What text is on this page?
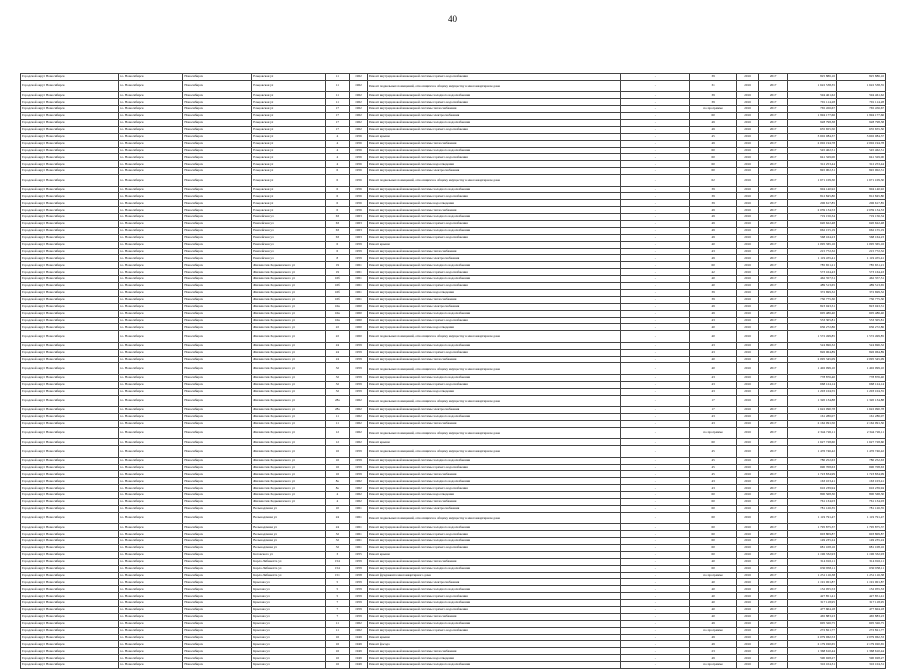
40
Городской округ Новосибирск	г.о. Новосибирск	Новосибирск	Ельцовская ул	11	1962	Ремонт внутридомовой инженерной системы горячего водоснабжения	-	39	2016	2017	825 886,16	825 886,16
Городской округ Новосибирск	г.о. Новосибирск	Новосибирск	Ельцовская ул	11	1962	Ремонт подвальных помещений, относящихся к общему имуществу в многоквартирном доме	-	31	2016	2017	1 622 538,35	1 622 538,35
Городской округ Новосибирск	г.о. Новосибирск	Новосибирск	Ельцовская ул	11	1962	Ремонт внутридомовой инженерной системы холодного водоснабжения	-	39	2016	2017	594 461,62	594 461,62
Городской округ Новосибирск	г.о. Новосибирск	Новосибирск	Ельцовская ул	11	1962	Ремонт внутридомовой инженерной системы горячего водоснабжения	-	39	2016	2017	791 114,28	791 114,28
Городской округ Новосибирск	г.о. Новосибирск	Новосибирск	Ельцовская ул	17	1962	Ремонт внутридомовой инженерной системы теплоснабжения	-	по программе	2016	2017	765 456,67	765 456,67
Городской округ Новосибирск	г.о. Новосибирск	Новосибирск	Ельцовская ул	17	1962	Ремонт внутридомовой инженерной системы электроснабжения	-	60	2016	2017	1 994 177,66	1 994 177,66
Городской округ Новосибирск	г.о. Новосибирск	Новосибирск	Ельцовская ул	17	1962	Ремонт внутридомовой инженерной системы холодного водоснабжения	-	49	2016	2017	928 798,38	928 798,38
Городской округ Новосибирск	г.о. Новосибирск	Новосибирск	Ельцовская ул	17	1962	Ремонт внутридомовой инженерной системы горячего водоснабжения	-	49	2016	2017	635 655,50	635 655,50
Городской округ Новосибирск	г.о. Новосибирск	Новосибирск	Ельцовская ул	4	1956	Ремонт крыши	-	45	2016	2017	3 602 084,37	3 602 084,37
Городской округ Новосибирск	г.о. Новосибирск	Новосибирск	Ельцовская ул	4	1956	Ремонт внутридомовой инженерной системы теплоснабжения	-	49	2016	2017	2 002 194,78	2 002 194,78
Городской округ Новосибирск	г.о. Новосибирск	Новосибирск	Ельцовская ул	4	1956	Ремонт внутридомовой инженерной системы холодного водоснабжения	-	60	2016	2017	545 462,51	545 462,51
Городской округ Новосибирск	г.о. Новосибирск	Новосибирск	Ельцовская ул	4	1956	Ремонт внутридомовой инженерной системы горячего водоснабжения	-	60	2016	2017	641 329,00	641 329,00
Городской округ Новосибирск	г.о. Новосибирск	Новосибирск	Ельцовская ул	4	1956	Ремонт внутридомовой инженерной системы водоотведения	-	60	2016	2017	312 253,44	312 253,44
Городской округ Новосибирск	г.о. Новосибирск	Новосибирск	Ельцовская ул	6	1956	Ремонт внутридомовой инженерной системы электроснабжения	-	60	2016	2017	845 002,31	845 002,31
Городской округ Новосибирск	г.о. Новосибирск	Новосибирск	Ельцовская ул	6	1956	Ремонт подвальных помещений, относящихся к общему имуществу в многоквартирном доме	-	62	2016	2017	1 671 109,30	1 671 109,30
Городской округ Новосибирск	г.о. Новосибирск	Новосибирск	Ельцовская ул	6	1956	Ремонт внутридомовой инженерной системы холодного водоснабжения	-	39	2016	2017	904 140,92	904 140,92
Городской округ Новосибирск	г.о. Новосибирск	Новосибирск	Ельцовская ул	6	1956	Ремонт внутридомовой инженерной системы горячего водоснабжения	-	39	2016	2017	812 845,80	812 845,80
Городской округ Новосибирск	г.о. Новосибирск	Новосибирск	Ельцовская ул	6	1956	Ремонт внутридомовой инженерной системы водоотведения	-	39	2016	2017	206 617,85	206 617,85
Городской округ Новосибирск	г.о. Новосибирск	Новосибирск	Ельцовская ул	6	1956	Ремонт внутридомовой инженерной системы теплоснабжения	-	49	2016	2017	2 039 134,53	2 039 134,53
Городской округ Новосибирск	г.о. Новосибирск	Новосибирск	Енисейская ул	63	1963	Ремонт внутридомовой инженерной системы холодного водоснабжения	-	49	2016	2017	719 156,34	719 156,34
Городской округ Новосибирск	г.о. Новосибирск	Новосибирск	Енисейская ул	63	1963	Ремонт внутридомовой инженерной системы горячего водоснабжения	-	49	2016	2017	620 622,48	620 622,48
Городской округ Новосибирск	г.о. Новосибирск	Новосибирск	Енисейская ул	63	1963	Ремонт внутридомовой инженерной системы холодного водоснабжения	-	49	2016	2017	662 155,19	662 155,19
Городской округ Новосибирск	г.о. Новосибирск	Новосибирск	Енисейская ул	63	1963	Ремонт внутридомовой инженерной системы горячего водоснабжения	-	49	2016	2017	568 164,23	568 164,23
Городской округ Новосибирск	г.о. Новосибирск	Новосибирск	Енисейская ул	6	1959	Ремонт крыши	-	40	2016	2017	1 095 365,16	1 095 365,16
Городской округ Новосибирск	г.о. Новосибирск	Новосибирск	Енисейская ул	6	1959	Ремонт внутридомовой инженерной системы теплоснабжения	-	43	2016	2017	215 772,32	215 772,32
Городской округ Новосибирск	г.о. Новосибирск	Новосибирск	Енисейская ул	8	1959	Ремонт внутридомовой инженерной системы электроснабжения	-	49	2016	2017	1 119 455,41	1 119 455,41
Городской округ Новосибирск	г.о. Новосибирск	Новосибирск	Жилмассив Ходкевичского ул	19	1961	Ремонт внутридомовой инженерной системы холодного водоснабжения	-	60	2016	2017	785 651,21	785 651,21
Городской округ Новосибирск	г.о. Новосибирск	Новосибирск	Жилмассив Ходкевичского ул	19	1961	Ремонт внутридомовой инженерной системы горячего водоснабжения	-	42	2016	2017	573 164,43	573 164,43
Городской округ Новосибирск	г.о. Новосибирск	Новосибирск	Жилмассив Ходкевичского ул	16б	1961	Ремонт внутридомовой инженерной системы холодного водоснабжения	-	40	2016	2017	462 357,51	462 357,51
Городской округ Новосибирск	г.о. Новосибирск	Новосибирск	Жилмассив Ходкевичского ул	16б	1961	Ремонт внутридомовой инженерной системы горячего водоснабжения	-	40	2016	2017	489 513,65	489 513,65
Городской округ Новосибирск	г.о. Новосибирск	Новосибирск	Жилмассив Ходкевичского ул	16б	1961	Ремонт внутридомовой инженерной системы водоотведения	-	39	2016	2017	372 699,32	372 699,32
Городской округ Новосибирск	г.о. Новосибирск	Новосибирск	Жилмассив Ходкевичского ул	16б	1961	Ремонт внутридомовой инженерной системы теплоснабжения	-	39	2016	2017	730 775,30	730 775,30
Городской округ Новосибирск	г.о. Новосибирск	Новосибирск	Жилмассив Ходкевичского ул	16в	1960	Ремонт внутридомовой инженерной системы электроснабжения	-	49	2016	2017	823 043,31	823 043,31
Городской округ Новосибирск	г.о. Новосибирск	Новосибирск	Жилмассив Ходкевичского ул	16в	1960	Ремонт внутридомовой инженерной системы холодного водоснабжения	-	49	2016	2017	605 486,40	605 486,40
Городской округ Новосибирск	г.о. Новосибирск	Новосибирск	Жилмассив Ходкевичского ул	16в	1960	Ремонт внутридомовой инженерной системы горячего водоснабжения	-	43	2016	2017	533 305,81	533 305,81
Городской округ Новосибирск	г.о. Новосибирск	Новосибирск	Жилмассив Ходкевичского ул	22	1960	Ремонт внутридомовой инженерной системы водоотведения	-	40	2016	2017	636 272,86	636 272,86
Городской округ Новосибирск	г.о. Новосибирск	Новосибирск	Жилмассив Ходкевичского ул	22	1960	Ремонт подвальных помещений, относящихся к общему имуществу в многоквартирном доме	-	40	2016	2017	1 572 499,85	1 572 499,85
Городской округ Новосибирск	г.о. Новосибирск	Новосибирск	Жилмассив Ходкевичского ул	24	1959	Ремонт внутридомовой инженерной системы холодного водоснабжения	-	43	2016	2017	524 696,32	524 696,32
Городской округ Новосибирск	г.о. Новосибирск	Новосибирск	Жилмассив Ходкевичского ул	24	1959	Ремонт внутридомовой инженерной системы горячего водоснабжения	-	43	2016	2017	826 064,89	826 064,89
Городской округ Новосибирск	г.о. Новосибирск	Новосибирск	Жилмассив Ходкевичского ул	24	1959	Ремонт внутридомовой инженерной системы теплоснабжения	-	40	2016	2017	2 095 345,09	2 095 345,09
Городской округ Новосибирск	г.о. Новосибирск	Новосибирск	Жилмассив Ходкевичского ул	32	1959	Ремонт подвальных помещений, относящихся к общему имуществу в многоквартирном доме	-	40	2016	2017	1 402 099,10	1 402 099,10
Городской округ Новосибирск	г.о. Новосибирск	Новосибирск	Жилмассив Ходкевичского ул	32	1959	Ремонт внутридомовой инженерной системы холодного водоснабжения	-	43	2016	2017	778 876,40	778 876,40
Городской округ Новосибирск	г.о. Новосибирск	Новосибирск	Жилмассив Ходкевичского ул	32	1959	Ремонт внутридомовой инженерной системы горячего водоснабжения	-	43	2016	2017	668 124,14	668 124,14
Городской округ Новосибирск	г.о. Новосибирск	Новосибирск	Жилмассив Ходкевичского ул	32	1959	Ремонт внутридомовой инженерной системы водоотведения	-	43	2016	2017	1 203 104,55	1 203 104,55
Городской округ Новосибирск	г.о. Новосибирск	Новосибирск	Жилмассив Ходкевичского ул	28а	1962	Ремонт подвальных помещений, относящихся к общему имуществу в многоквартирном доме	-	17	2016	2017	1 320 134,88	1 320 134,88
Городской округ Новосибирск	г.о. Новосибирск	Новосибирск	Жилмассив Ходкевичского ул	28а	1962	Ремонт внутридомовой инженерной системы электроснабжения	-	17	2016	2017	1 622 090,78	1 622 090,78
Городской округ Новосибирск	г.о. Новосибирск	Новосибирск	Жилмассив Ходкевичского ул	11	1962	Ремонт внутридомовой инженерной системы холодного водоснабжения	-	43	2016	2017	161 286,07	161 286,07
Городской округ Новосибирск	г.о. Новосибирск	Новосибирск	Жилмассив Ходкевичского ул	11	1962	Ремонт внутридомовой инженерной системы теплоснабжения	-	43	2016	2017	2 162 091,50	2 162 091,50
Городской округ Новосибирск	г.о. Новосибирск	Новосибирск	Жилмассив Ходкевичского ул	12	1962	Ремонт подвальных помещений, относящихся к общему имуществу в многоквартирном доме	-	по программе	2016	2017	2 344 726,11	2 344 726,11
Городской округ Новосибирск	г.о. Новосибирск	Новосибирск	Жилмассив Ходкевичского ул	12	1962	Ремонт крыши	-	60	2016	2017	1 627 728,60	1 627 728,60
Городской округ Новосибирск	г.о. Новосибирск	Новосибирск	Жилмассив Ходкевичского ул	16	1959	Ремонт подвальных помещений, относящихся к общему имуществу в многоквартирном доме	-	45	2016	2017	1 476 746,42	1 476 746,42
Городской округ Новосибирск	г.о. Новосибирск	Новосибирск	Жилмассив Ходкевичского ул	16	1959	Ремонт внутридомовой инженерной системы холодного водоснабжения	-	45	2016	2017	780 252,63	780 252,63
Городской округ Новосибирск	г.о. Новосибирск	Новосибирск	Жилмассив Ходкевичского ул	16	1959	Ремонт внутридомовой инженерной системы горячего водоснабжения	-	45	2016	2017	690 708,63	690 708,63
Городской округ Новосибирск	г.о. Новосибирск	Новосибирск	Жилмассив Ходкевичского ул	16	1959	Ремонт внутридомовой инженерной системы теплоснабжения	-	45	2016	2017	1 723 834,99	1 723 834,99
Городской округ Новосибирск	г.о. Новосибирск	Новосибирск	Жилмассив Ходкевичского ул	8а	1962	Ремонт внутридомовой инженерной системы холодного водоснабжения	-	43	2016	2017	163 103,41	163 103,41
Городской округ Новосибирск	г.о. Новосибирск	Новосибирск	Жилмассив Ходкевичского ул	8а	1962	Ремонт внутридомовой инженерной системы горячего водоснабжения	-	43	2016	2017	616 239,94	616 239,94
Городской округ Новосибирск	г.о. Новосибирск	Новосибирск	Жилмассив Ходкевичского ул	4	1962	Ремонт внутридомовой инженерной системы водоотведения	-	60	2016	2017	800 568,30	800 568,30
Городской округ Новосибирск	г.о. Новосибирск	Новосибирск	Жилмассив Ходкевичского ул	4	1962	Ремонт внутридомовой инженерной системы теплоснабжения	-	60	2016	2017	761 134,03	761 134,03
Городской округ Новосибирск	г.о. Новосибирск	Новосибирск	Вольнодачная ул	10	1961	Ремонт внутридомовой инженерной системы электроснабжения	-	60	2016	2017	781 126,35	781 126,35
Городской округ Новосибирск	г.о. Новосибирск	Новосибирск	Вольнодачная ул	24	1961	Ремонт подвальных помещений, относящихся к общему имуществу в многоквартирном доме	-	60	2016	2017	1 119 791,47	1 119 791,47
Городской округ Новосибирск	г.о. Новосибирск	Новосибирск	Вольнодачная ул	24	1961	Ремонт внутридомовой инженерной системы холодного водоснабжения	-	60	2016	2017	1 795 875,37	1 795 875,37
Городской округ Новосибирск	г.о. Новосибирск	Новосибирск	Вольнодачная ул	32	1961	Ремонт внутридомовой инженерной системы горячего водоснабжения	-	60	2016	2017	603 809,87	603 809,87
Городской округ Новосибирск	г.о. Новосибирск	Новосибирск	Вольнодачная ул	32	1961	Ремонт внутридомовой инженерной системы холодного водоснабжения	-	60	2016	2017	149 235,24	149 235,24
Городской округ Новосибирск	г.о. Новосибирск	Новосибирск	Вольнодачная ул	32	1961	Ремонт внутридомовой инженерной системы горячего водоснабжения	-	60	2016	2017	681 108,16	681 108,16
Городской округ Новосибирск	г.о. Новосибирск	Новосибирск	Котовского ул	3	1955	Ремонт крыши	-	60	2016	2017	1 196 332,93	1 196 332,93
Городской округ Новосибирск	г.о. Новосибирск	Новосибирск	Карла Либкнехта ул	154	1959	Ремонт внутридомовой инженерной системы теплоснабжения	-	40	2016	2017	314 916,11	314 916,11
Городской округ Новосибирск	г.о. Новосибирск	Новосибирск	Карла Либкнехта ул	154	1959	Ремонт внутридомовой инженерной системы холодного водоснабжения	-	60	2016	2017	630 958,11	630 958,11
Городской округ Новосибирск	г.о. Новосибирск	Новосибирск	Карла Либкнехта ул	151	1958	Ремонт фундамента многоквартирного дома	-	по программе	2016	2017	1 251 116,38	1 251 116,38
Городской округ Новосибирск	г.о. Новосибирск	Новосибирск	Крылова ул	5	1959	Ремонт внутридомовой инженерной системы электроснабжения	-	40	2016	2017	1 191 001,87	1 191 001,87
Городской округ Новосибирск	г.о. Новосибирск	Новосибирск	Крылова ул	5	1959	Ремонт внутридомовой инженерной системы холодного водоснабжения	-	40	2016	2017	152 055,53	152 055,53
Городской округ Новосибирск	г.о. Новосибирск	Новосибирск	Крылова ул	5	1959	Ремонт внутридомовой инженерной системы горячего водоснабжения	-	40	2016	2017	427 851,41	427 851,41
Городской округ Новосибирск	г.о. Новосибирск	Новосибирск	Крылова ул	7	1959	Ремонт внутридомовой инженерной системы холодного водоснабжения	-	40	2016	2017	317 118,95	317 118,95
Городской округ Новосибирск	г.о. Новосибирск	Новосибирск	Крылова ул	7	1959	Ремонт внутридомовой инженерной системы горячего водоснабжения	-	40	2016	2017	477 604,18	477 604,18
Городской округ Новосибирск	г.о. Новосибирск	Новосибирск	Крылова ул	7	1959	Ремонт внутридомовой инженерной системы теплоснабжения	-	40	2016	2017	465 883,23	465 883,23
Городской округ Новосибирск	г.о. Новосибирск	Новосибирск	Крылова ул	11	1962	Ремонт внутридомовой инженерной системы холодного водоснабжения	-	49	2016	2017	605 326,75	605 326,75
Городской округ Новосибирск	г.о. Новосибирск	Новосибирск	Крылова ул	11	1962	Ремонт внутридомовой инженерной системы горячего водоснабжения	-	по программе	2016	2017	272 821,77	272 821,77
Городской округ Новосибирск	г.о. Новосибирск	Новосибирск	Крылова ул	16	1949	Ремонт крыши	-	49	2016	2017	2 079 962,53	2 079 962,53
Городской округ Новосибирск	г.о. Новосибирск	Новосибирск	Крылова ул	16	1949	Ремонт фасада	-	49	2016	2017	2 179 020,65	2 179 020,65
Городской округ Новосибирск	г.о. Новосибирск	Новосибирск	Крылова ул	16	1949	Ремонт внутридомовой инженерной системы теплоснабжения	-	23	2016	2017	1 368 610,44	1 368 610,44
Городской округ Новосибирск	г.о. Новосибирск	Новосибирск	Крылова ул	16	1949	Ремонт внутридомовой инженерной системы водоотведения	-	49	2016	2017	590 928,27	590 928,27
Городской округ Новосибирск	г.о. Новосибирск	Новосибирск	Крылова ул	16	1949	Ремонт внутридомовой инженерной системы холодного водоснабжения	-	по программе	2016	2017	316 104,31	316 104,31
